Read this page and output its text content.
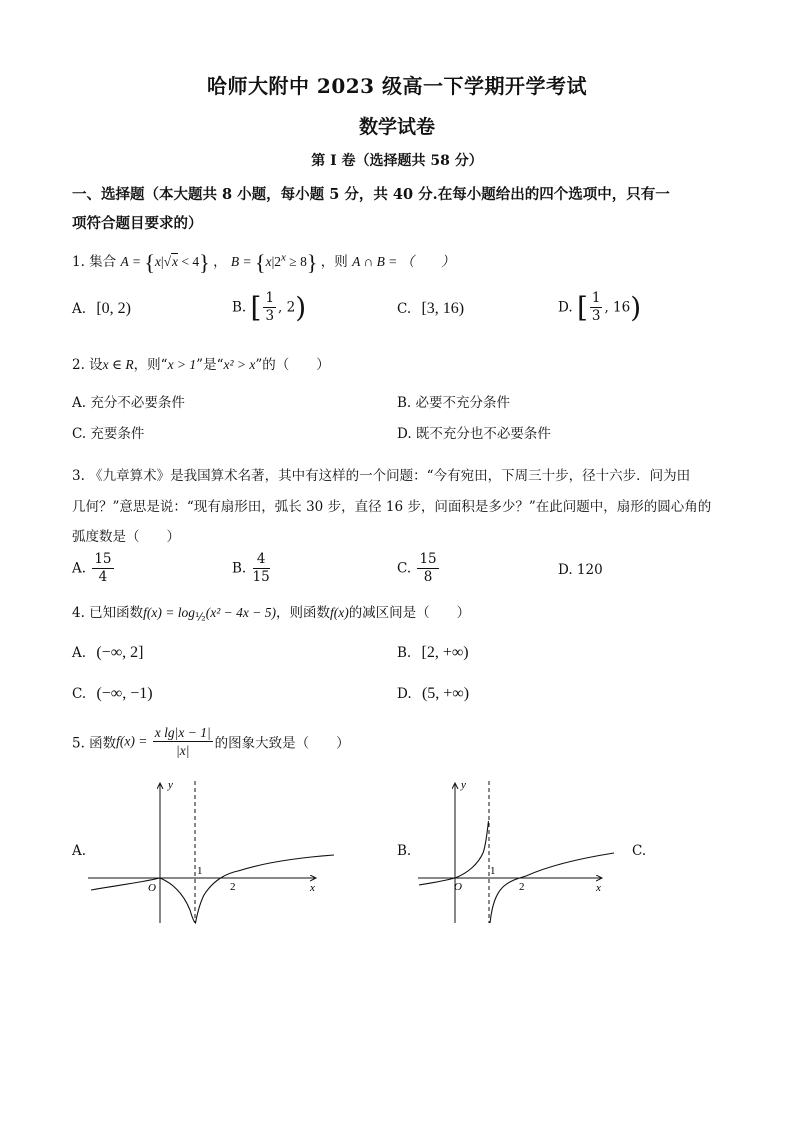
哈师大附中 2023 级高一下学期开学考试
数学试卷
第 I 卷（选择题共 58 分）
一、选择题（本大题共 8 小题，每小题 5 分，共 40 分.在每小题给出的四个选项中，只有一
项符合题目要求的）
1. 集合 A = {x|√x < 4} ， $B = \{x|2^x \ge 8\}$ ，则 A ∩ B = （　　）
A. [0, 2)	B. [ $\frac{1}{3}$ , 2)	C. [3, 16)	D. [ $\frac{1}{3}$ , 16)
2. 设x ∈ R，则“x > 1”是“x² > x”的（　　）
A. 充分不必要条件	B. 必要不充分条件
C. 充要条件	D. 既不充分也不必要条件
3. 《九章算术》是我国算术名著，其中有这样的一个问题：“今有宛田，下周三十步，径十六步．问为田
几何？”意思是说：“现有扇形田，弧长 30 步，直径 16 步，问面积是多少？”在此问题中，扇形的圆心角的
弧度数是（　　）
A. $\frac{15}{4}$	B. $\frac{4}{15}$	C. $\frac{15}{8}$	D. 120
4. 已知函数$f(x) = \log_{\frac{1}{2}}(x^2 - 4x - 5)$，则函数f(x)的减区间是（　　）
A. (−∞, 2]	B. [2, +∞)
C. (−∞, −1)	D. (5, +∞)
5. 函数$f(x) = \frac{\text{x lg|x − 1|}}{|x|}$ 的图象大致是（　　）
A.	B.	C.
y
x
O
1
2
y
x
O
1
2
